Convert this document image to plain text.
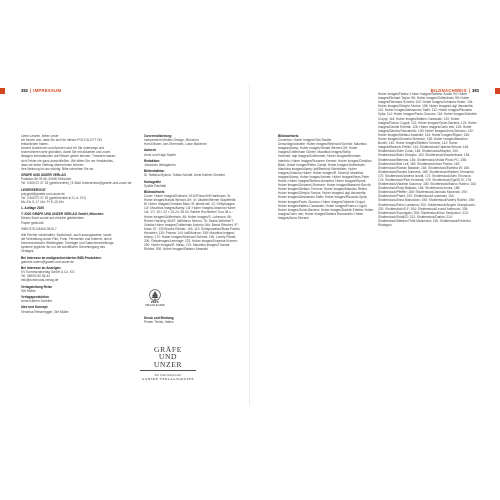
382 | IMPRESSUM

Liebe Leserin, lieber Leser
wir freuen uns, dass Sie sich für diesen POLYGLOTT ON
entschieden haben.
Unsere Autorinnen und Autoren sind für Sie unterwegs und
recherchieren sehr gründlich, damit Sie mit aktuellen und zuver-
lässigen Informationen auf Reisen gehen können. Trotzdem lassen
sich Fehler nie ganz ausschließen. Wir bitten Sie um Verständnis,
dass wir keine Haftung übernehmen können.
Ihre Meinung ist uns wichtig. Bitte schreiben Sie an:

GRÄFE UND UNZER VERLAG
Postfach 86 03 66, 81630 München
Tel. 0 800/72 37 33 (gebührenfrei) | E-Mail: leserservice@graefe-und-unzer.de

LESERSERVICE
polyglott@graefe-und-unzer.de
Tel. 0 800/72 37 33 (gebührenfrei in D, A, CH)
Mo–Do 9–17 Uhr, Fr 9–16 Uhr

1. Auflage 2020

© 2020 GRÄFE UND UNZER VERLAG GmbH, München
Dieses Buch wurde auf chlorfrei gebleichtem
Papier gedruckt.

ISBN 978-3-8464-0910-7

Alle Rechte vorbehalten. Nachdruck, auch auszugsweise, sowie
die Verbreitung durch Film, Funk, Fernsehen und Internet, durch
fotomechanische Wiedergabe, Tonträger und Datenverarbeitungs-
systeme jeglicher Art nur mit schriftlicher Genehmigung des
Verlages.

Bei Interesse an maßgeschneiderten B2B-Produkten:
gabriele.kuehn@graefe-und-unzer.de

Bei Interesse an Anzeigen:
KV Kommunalverlag GmbH & Co. KG
Tel. 089/92 80 96-44
info@kommunal-verlag.de

Verlagsleitung Reise
Grit Müller

Verlagsproduktion
Anne-Kathrin Scheiter

Idee und Konzept
Veronica Reisenegger, Grit Müller

Coverrealisierung:
independent Medien-Design, München
Horst Moser, Ann Ehrenhart, Luise Maxeiner

Autoren
Anne und Katja Sapfer

Redaktion
Johannes Verlagsbüro

Bildredaktion
Dr. Nafsika Mylona, Tobias Schlaff, Anne-Kathrin Scheiter

Kartografie
Sybille Rachfall

Bildnachweis
Cover: Huber Images/Eckhard; 2010/Fotos/Jeff Hartmann; 3r: Huber Images/Harald Wenzel-Orf; 4r: Ullstein/Werner Stapelfeldt; 8l: Huber Images/Christian Bäck; 9l: alimdi.net; 12: GettyImages; 12r: Mauritius images/Alamy; 13r: Huber Images/Johanna Huber; 14r, 17l, 19 r, 22 r: 22-24: 36 43: Sabine Rochertter/ Tour 38 o.: Huber Images/Gräfenhain; 46: Huber Images/S. Lubenow; 56: Robert Harding; 66/67: laif/Marco Simoni; 76: Sasha Weleber/T. Grabka Huber Images/Gräfenhain Antonio: 86r: Bernd Ritschel; 97: Kaos: 97: 130 Brooks Richter; 104, 112: Schapowalow/Rosa Patrick Henseler; 130: Prisma; 144: laif/Modrow; 158: Mauritius images/ Alamy; 172: Huber Images/Reinhard Schmid; 190: Lonely Planet; 200: Gettyimages/Leemage; 222: Huber Images/Susanne Kremer; 250: Huber Images/R. Mirau; 270: Mauritius images/Thomas Robbin; 300: Huber Images/Stefano Amantini

PEFC
PEFC/04-32-0928

Druck und Bindung
Printer Trento, Italien

GRÄFE
UND
UNZER
Ein Unternehmen der
GANSKE VERLAGSGRUPPE
BILDNACHWEIS | 383

Bildnachweis
Coverfoto: Huber Images/Otto Stadler
Umschlagrückseite: Huber Images/Reinhard Schmid; Mauritius images/Alamy; Huber Images/Harald Wenzel-Orf; Huber Images/Gräfenhain Günter; Mauritius images/Stella
Innenteil: ddp images/Schlemmer; Huber Images/Bernhart; Interfoto; Huber Images/Susanne Kremer; Huber Images/Christian Bäck; Huber Images/Pietro Canali; Huber Images/Gräfenhain; Mauritius images/Alamy; laif/Berthold Steinhilber; Huber Images/Johanna Huber; Huber Images/R. Schmid; Mauritius images/Alamy; Huber Images/Leimer; Huber Images/Hans-Peter Huber; Huber Images/Stefano Amantini; Huber Images/Ripani; Huber Images/Giovanni Simeone; Huber Images/Massimo Borchi; Huber Images/Stefano Torrione; Huber Images/Maurizio Rellini; Huber Images/Olimpio Fantuz; Huber Images/Luigi Vaccarella; Huber Images/Alessandro Saffo; Huber Images/Riccardo Spila; Huber Images/Paolo Giocoso; Huber Images/Gabriele Croppi; Huber Images/Matteo Carassale; Huber Images/Franco Cogoli; Huber Images/Guido Baviera; Huber Images/Davide Erbetta; Huber Images/Carlo Irek; Huber Images/Sandra Raccanello; Huber Images/Anna Serrano

Huber Images/Fantuz; Huber Images/Stefano Scatà; 94: Huber Images/Richard Taylor; 96: Huber Images/Gräfenhain; 98: Huber Images/Reinhard Schmid; 102: Huber Images/Johanna Huber; 104: Huber Images/Olimpio Fantuz; 108: Huber Images/Luigi Vaccarella; 110: Huber Images/Alessandro Saffo; 112: Huber Images/Riccardo Spila; 114: Huber Images/Paolo Giocoso; 116: Huber Images/Gabriele Croppi; 118: Huber Images/Matteo Carassale; 120: Huber Images/Franco Cogoli; 122: Huber Images/Guido Baviera; 124: Huber Images/Davide Erbetta; 126: Huber Images/Carlo Irek; 128: Huber Images/Sandra Raccanello; 130: Huber Images/Anna Serrano; 132: Huber Images/Stefano Amantini; 134: Huber Images/Ripani; 136: Huber Images/Giovanni Simeone; 138: Huber Images/Massimo Borchi; 140: Huber Images/Stefano Torrione; 142: Huber Images/Maurizio Rellini; 144: Shutterstock/Catarina Belova; 146: Shutterstock/Sorin Colac; 148: Shutterstock/Mapics; 150: Shutterstock/Boris Stroujko; 152: Shutterstock/Kavalenkava; 154: Shutterstock/Belenos; 156: Shutterstock/Vivida Photo PC; 158: Shutterstock/Nok Lek; 160: Shutterstock/Ivan Pavlov; 162: Shutterstock/Roman Babakin; 164: Shutterstock/Ewelina W; 166: Shutterstock/Ronald Sumners; 168: Shutterstock/Stefano Termanini; 170: Shutterstock/Andrea Izzotti; 172: Shutterstock/Alex Tihonovs; 174: Shutterstock/Piotr Krzeslak; 176: Shutterstock/Cge2010; 178: Shutterstock/Vladimir Sazonov; 180: Shutterstock/Marco Rubino; 182: Shutterstock/Rudy Balasko; 184: Shutterstock/Leoks; 186: Shutterstock/Pfeiffer; 188: Shutterstock/Jaroslav Moravcik; 190: Shutterstock/Phant; 192: Shutterstock/Lucamato; 194: Shutterstock/Anna Biancoloto; 196: Shutterstock/Valery Rokhin; 198: Shutterstock/Fabio Lamanna; 200: Shutterstock/Angelo Giampiccolo; 202: Shutterstock/S-F; 204: Shutterstock/Leonid Andronov; 206: Shutterstock/Tupungato; 208: Shutterstock/Ihor Serdyukov; 210: Shutterstock/Ecstk22; 212: Shutterstock/Darios; 214: Shutterstock/Stefano Politi Markovina; 216: Shutterstock/Federico Rostagno
